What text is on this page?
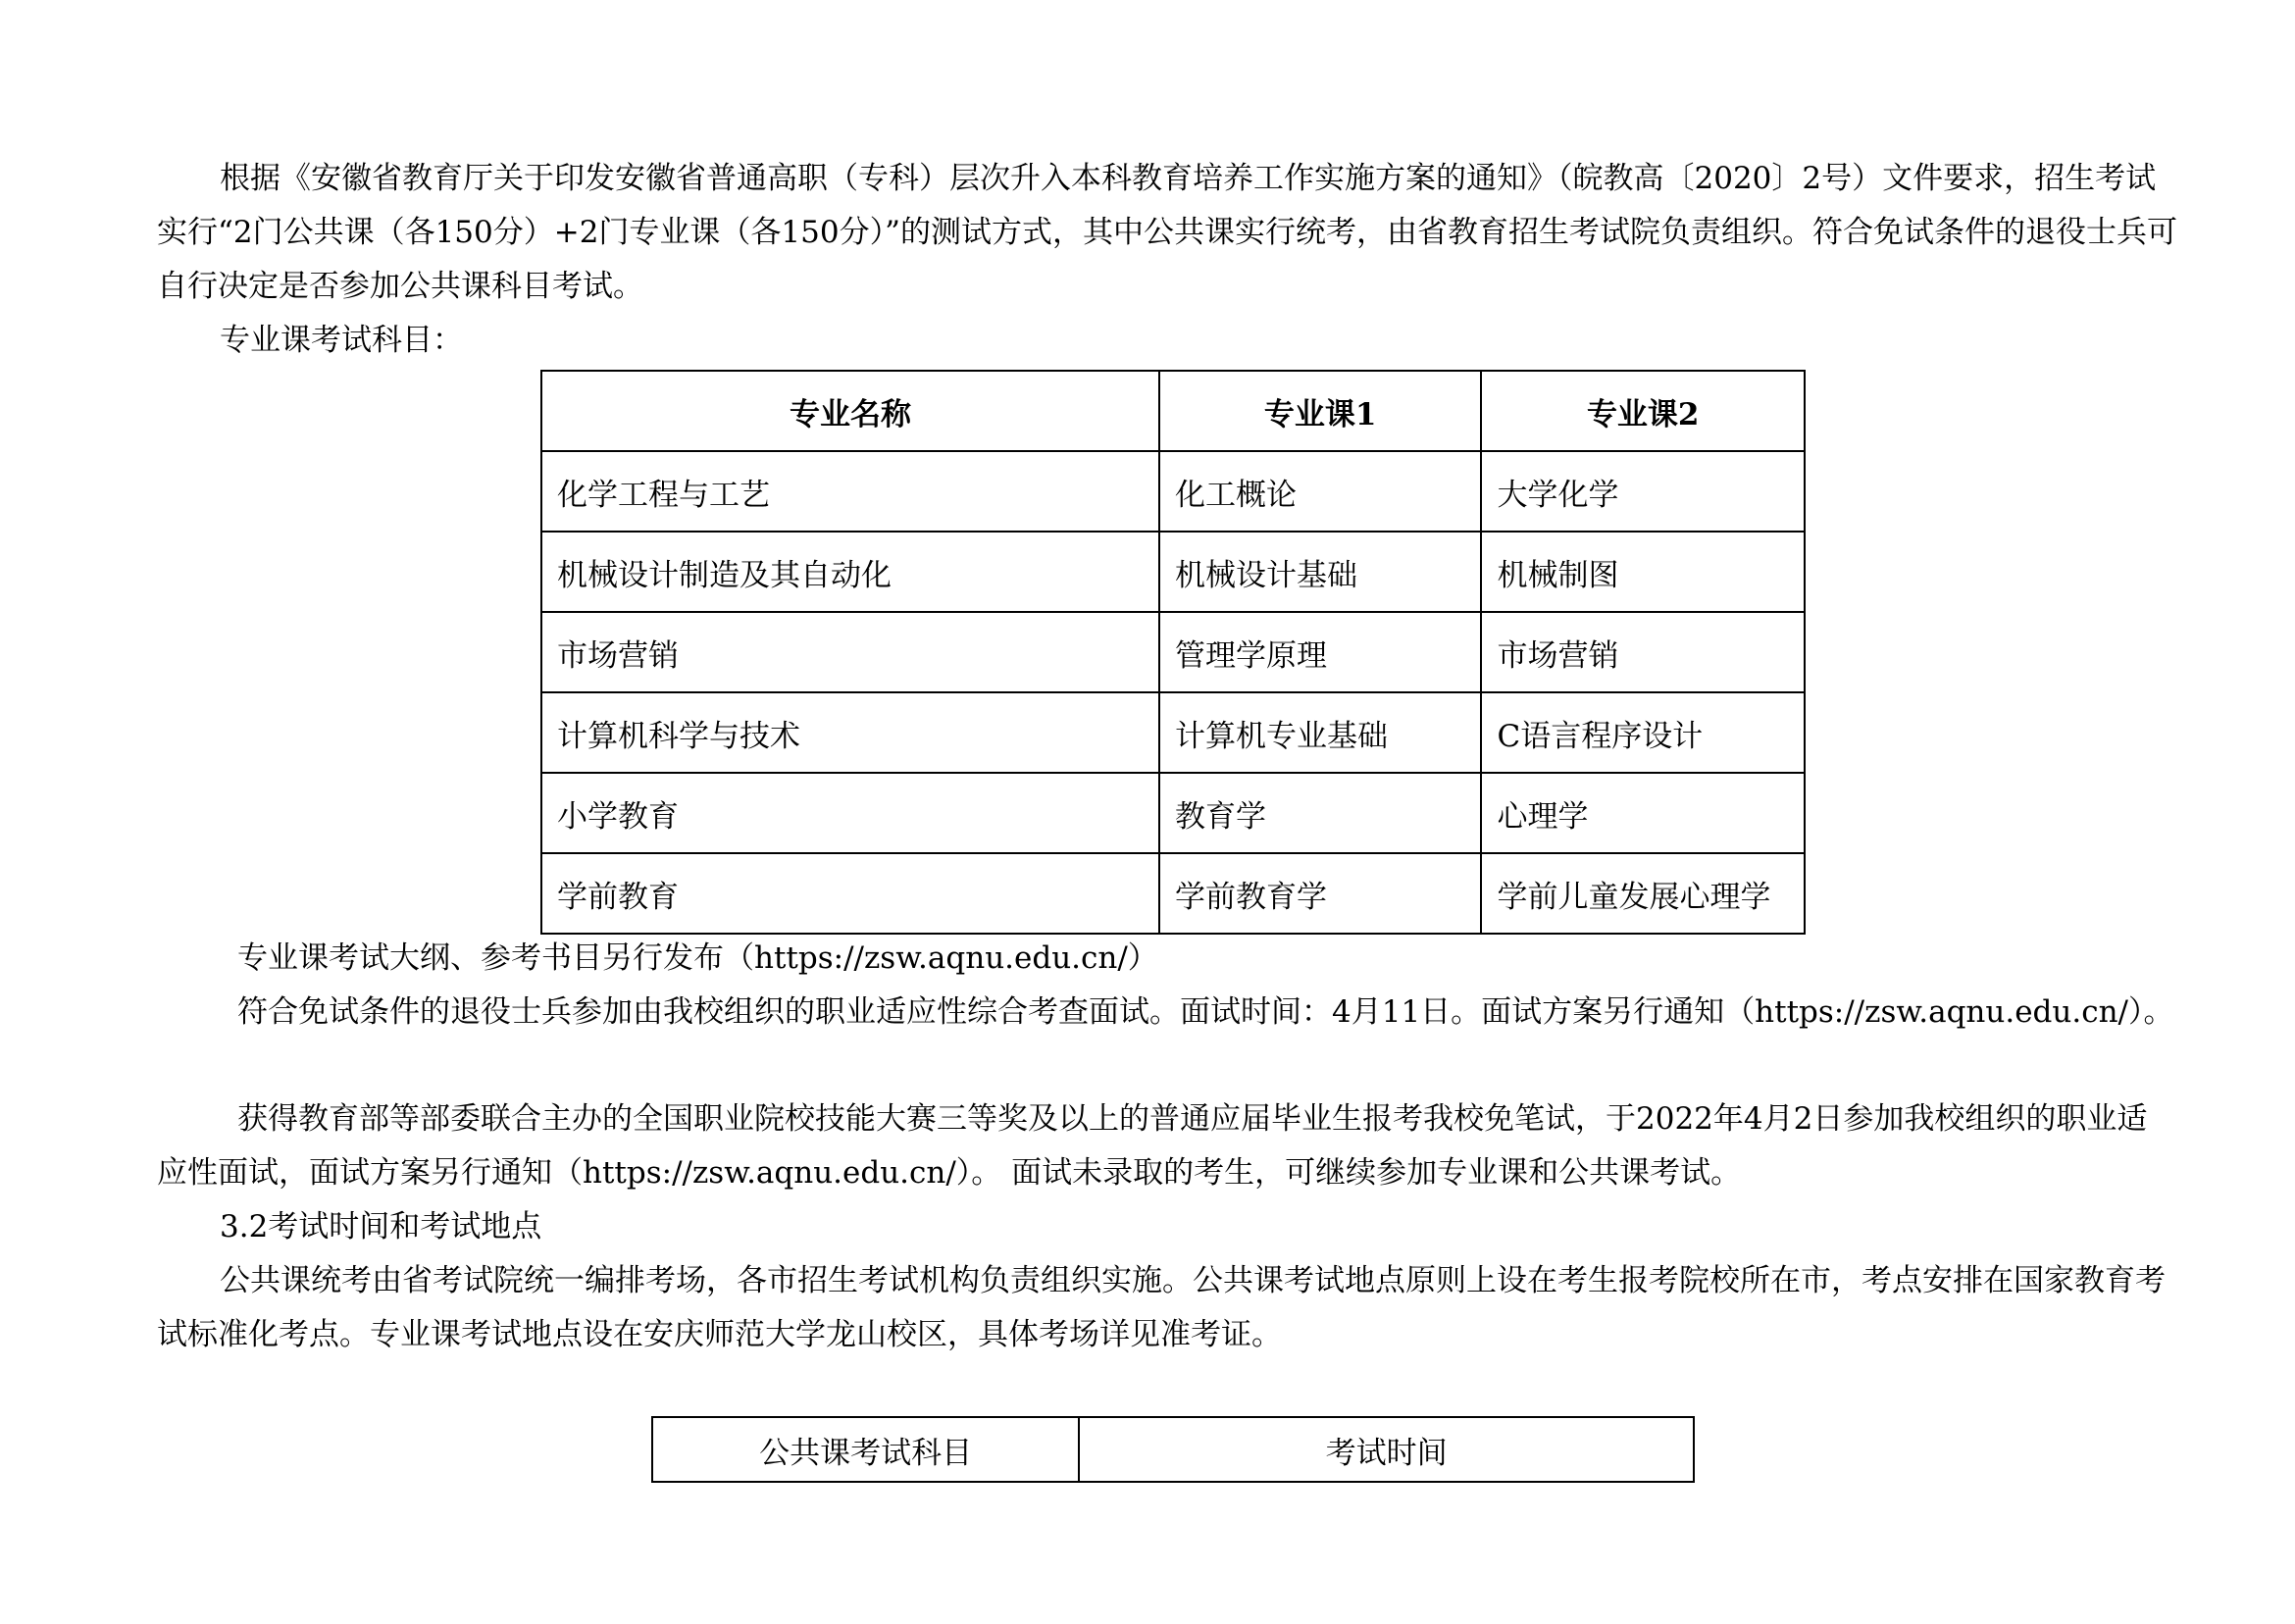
根据《安徽省教育厅关于印发安徽省普通高职（专科）层次升入本科教育培养工作实施方案的通知》（皖教高〔2020〕2号）文件要求，招生考试实行“2门公共课（各150分）+2门专业课（各150分）”的测试方式，其中公共课实行统考，由省教育招生考试院负责组织。符合免试条件的退役士兵可自行决定是否参加公共课科目考试。

专业课考试科目：

专业名称	专业课1	专业课2
化学工程与工艺	化工概论	大学化学
机械设计制造及其自动化	机械设计基础	机械制图
市场营销	管理学原理	市场营销
计算机科学与技术	计算机专业基础	C语言程序设计
小学教育	教育学	心理学
学前教育	学前教育学	学前儿童发展心理学

专业课考试大纲、参考书目另行发布（https://zsw.aqnu.edu.cn/）

符合免试条件的退役士兵参加由我校组织的职业适应性综合考查面试。面试时间：4月11日。面试方案另行通知（https://zsw.aqnu.edu.cn/）。

获得教育部等部委联合主办的全国职业院校技能大赛三等奖及以上的普通应届毕业生报考我校免笔试，于2022年4月2日参加我校组织的职业适应性面试，面试方案另行通知（https://zsw.aqnu.edu.cn/）。 面试未录取的考生，可继续参加专业课和公共课考试。

3.2考试时间和考试地点

公共课统考由省考试院统一编排考场，各市招生考试机构负责组织实施。公共课考试地点原则上设在考生报考院校所在市，考点安排在国家教育考试标准化考点。专业课考试地点设在安庆师范大学龙山校区，具体考场详见准考证。

公共课考试科目	考试时间
